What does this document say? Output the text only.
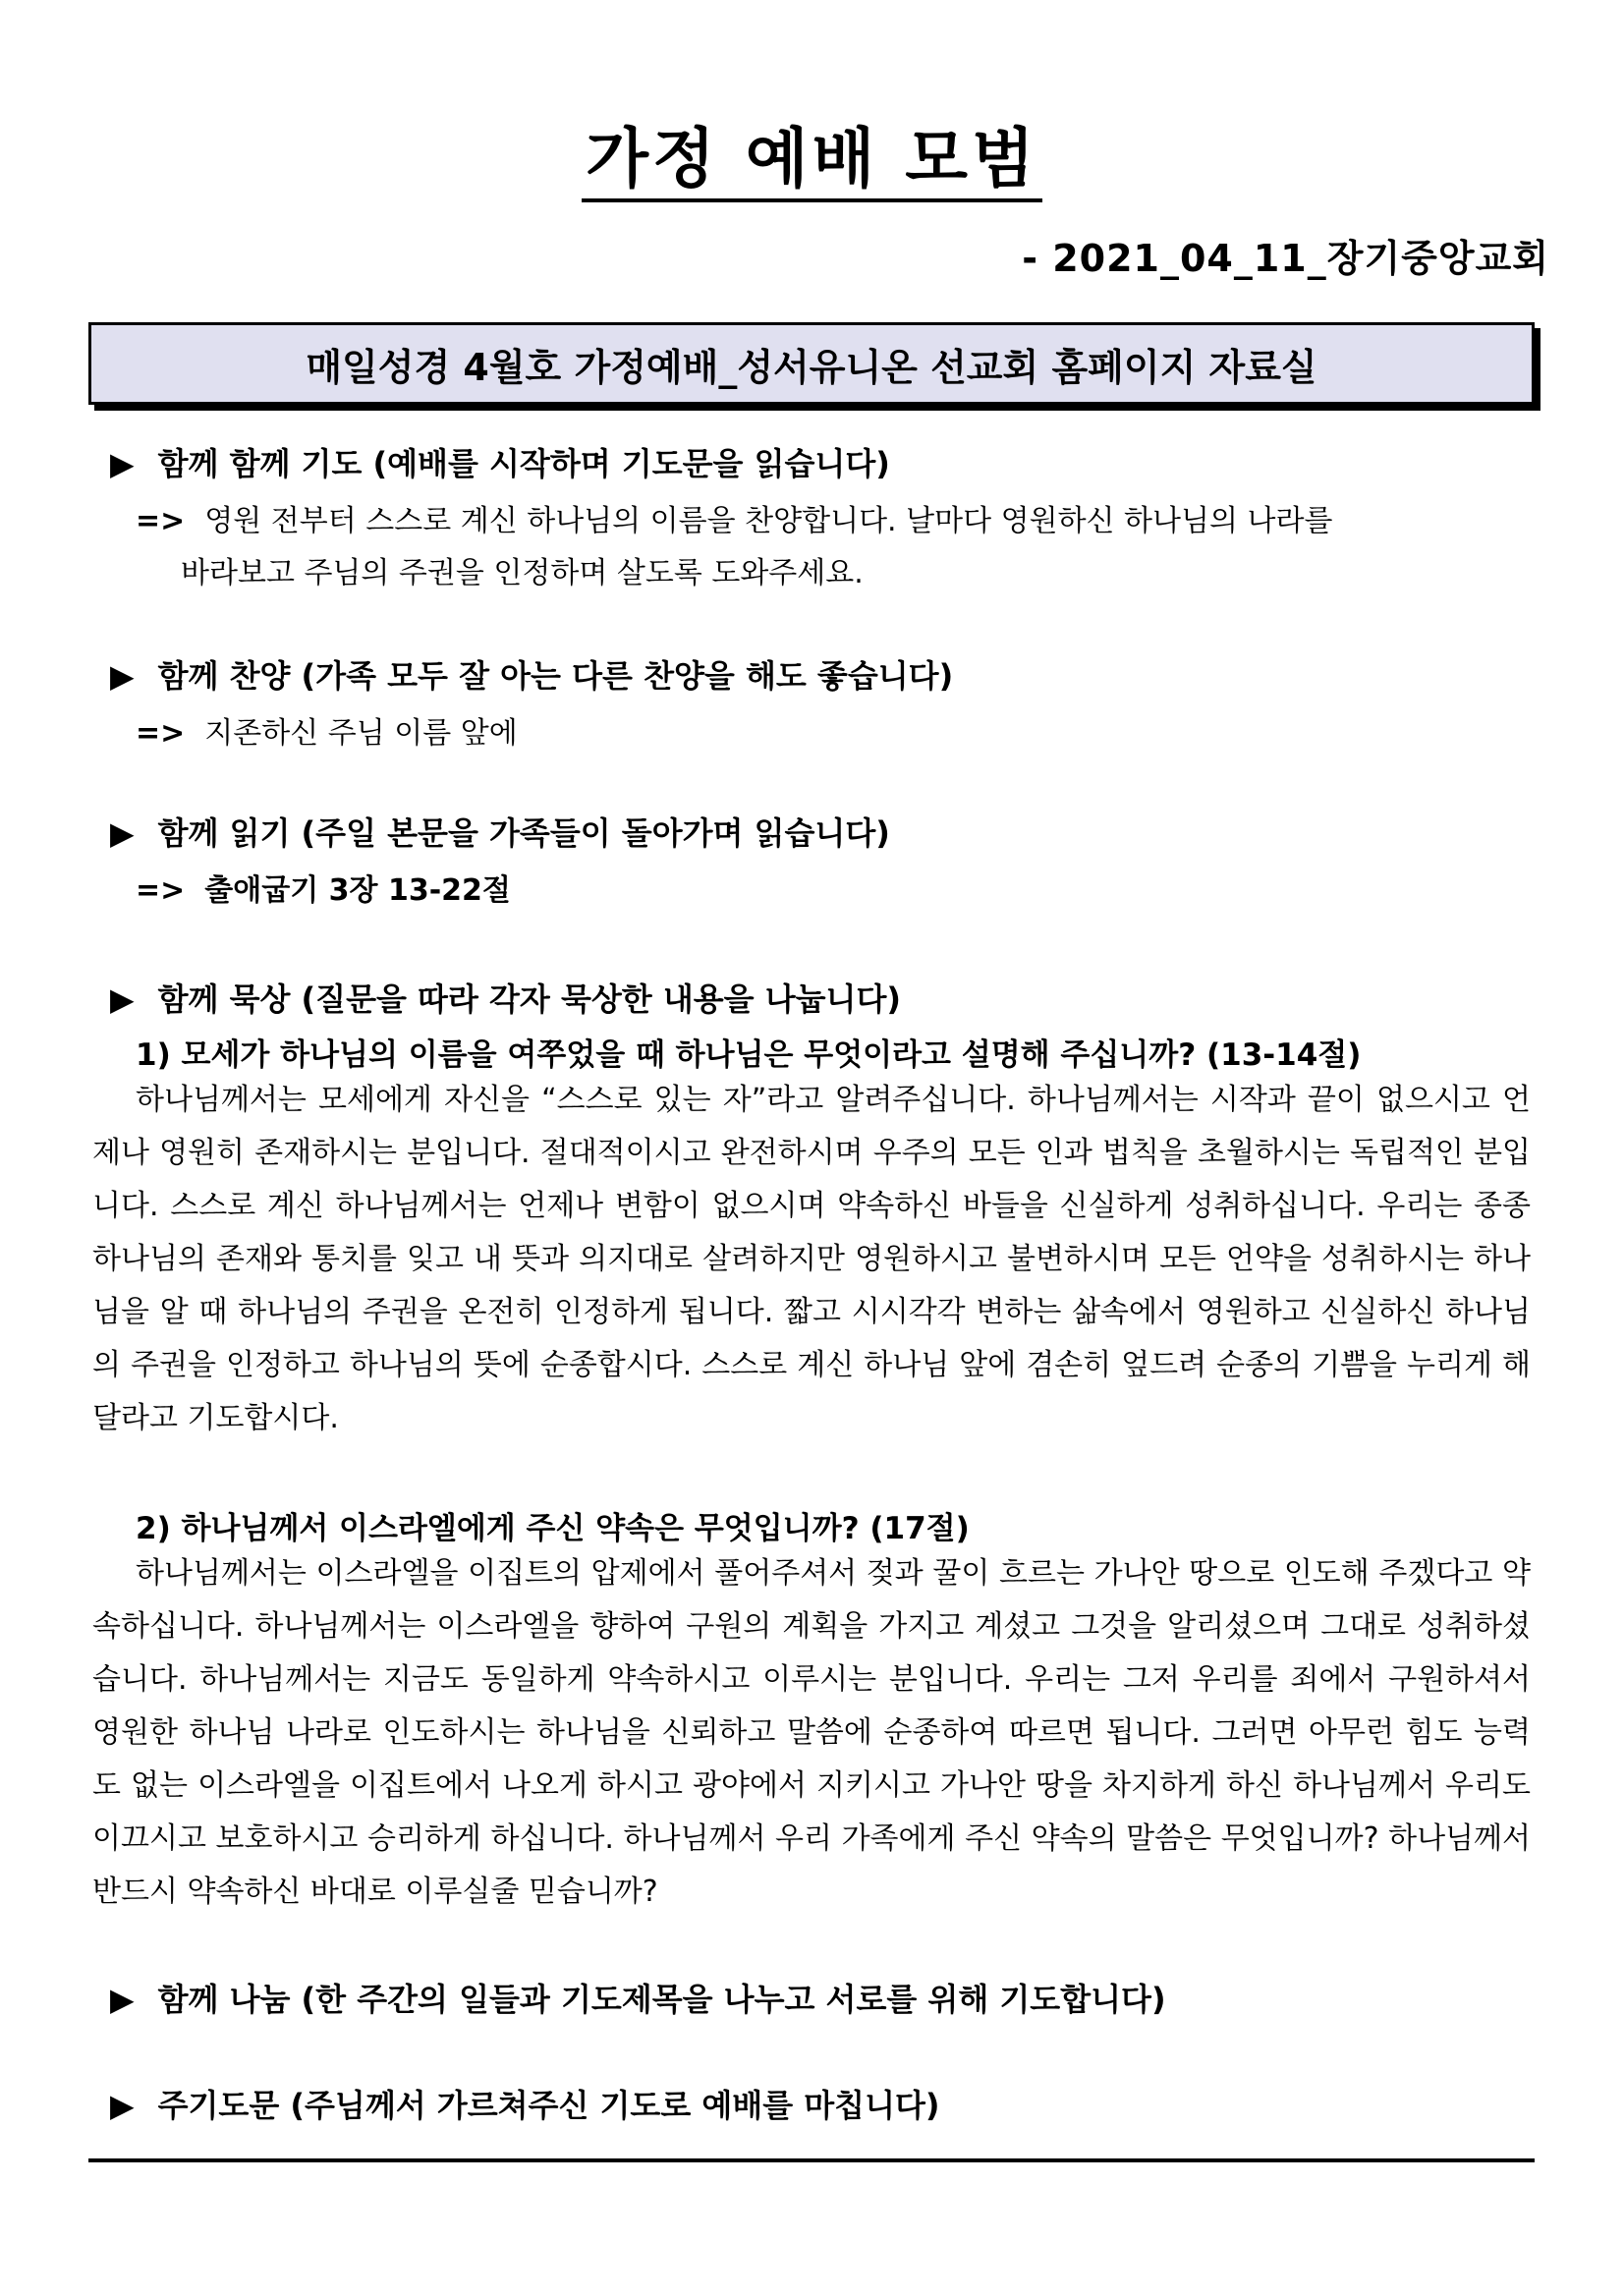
가정 예배 모범
- 2021_04_11_장기중앙교회
매일성경 4월호 가정예배_성서유니온 선교회 홈페이지 자료실
▶ 함께 함께 기도 (예배를 시작하며 기도문을 읽습니다)
=> 영원 전부터 스스로 계신 하나님의 이름을 찬양합니다. 날마다 영원하신 하나님의 나라를
바라보고 주님의 주권을 인정하며 살도록 도와주세요.
▶ 함께 찬양 (가족 모두 잘 아는 다른 찬양을 해도 좋습니다)
=> 지존하신 주님 이름 앞에
▶ 함께 읽기 (주일 본문을 가족들이 돌아가며 읽습니다)
=> 출애굽기 3장 13-22절
▶ 함께 묵상 (질문을 따라 각자 묵상한 내용을 나눕니다)
1) 모세가 하나님의 이름을 여쭈었을 때 하나님은 무엇이라고 설명해 주십니까? (13-14절)

하나님께서는 모세에게 자신을 “스스로 있는 자”라고 알려주십니다. 하나님께서는 시작과 끝이 없으시고 언제나 영원히 존재하시는 분입니다. 절대적이시고 완전하시며 우주의 모든 인과 법칙을 초월하시는 독립적인 분입니다. 스스로 계신 하나님께서는 언제나 변함이 없으시며 약속하신 바들을 신실하게 성취하십니다. 우리는 종종 하나님의 존재와 통치를 잊고 내 뜻과 의지대로 살려하지만 영원하시고 불변하시며 모든 언약을 성취하시는 하나님을 알 때 하나님의 주권을 온전히 인정하게 됩니다. 짧고 시시각각 변하는 삶속에서 영원하고 신실하신 하나님의 주권을 인정하고 하나님의 뜻에 순종합시다. 스스로 계신 하나님 앞에 겸손히 엎드려 순종의 기쁨을 누리게 해 달라고 기도합시다.

2) 하나님께서 이스라엘에게 주신 약속은 무엇입니까? (17절)

하나님께서는 이스라엘을 이집트의 압제에서 풀어주셔서 젖과 꿀이 흐르는 가나안 땅으로 인도해 주겠다고 약속하십니다. 하나님께서는 이스라엘을 향하여 구원의 계획을 가지고 계셨고 그것을 알리셨으며 그대로 성취하셨습니다. 하나님께서는 지금도 동일하게 약속하시고 이루시는 분입니다. 우리는 그저 우리를 죄에서 구원하셔서 영원한 하나님 나라로 인도하시는 하나님을 신뢰하고 말씀에 순종하여 따르면 됩니다. 그러면 아무런 힘도 능력도 없는 이스라엘을 이집트에서 나오게 하시고 광야에서 지키시고 가나안 땅을 차지하게 하신 하나님께서 우리도 이끄시고 보호하시고 승리하게 하십니다. 하나님께서 우리 가족에게 주신 약속의 말씀은 무엇입니까? 하나님께서 반드시 약속하신 바대로 이루실줄 믿습니까?

▶ 함께 나눔 (한 주간의 일들과 기도제목을 나누고 서로를 위해 기도합니다)
▶ 주기도문 (주님께서 가르쳐주신 기도로 예배를 마칩니다)
